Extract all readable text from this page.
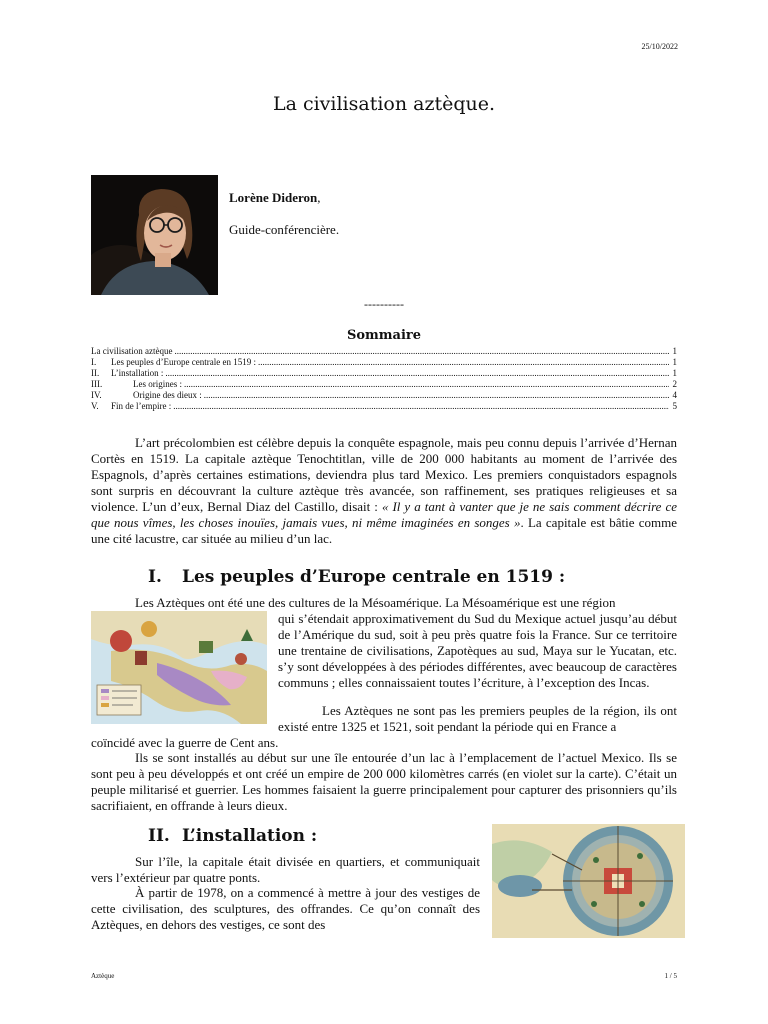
25/10/2022
La civilisation aztèque.
Lorène Dideron,
Guide-conférencière.
----------
Sommaire
La civilisation aztèque .....	1
I.	Les peuples d’Europe centrale en 1519 : .....	1
II.	L’installation : .....	1
III.	Les origines : .....	2
IV.	Origine des dieux : .....	4
V.	Fin de l’empire : .....	5

L’art précolombien est célèbre depuis la conquête espagnole, mais peu connu depuis l’arrivée d’Hernan Cortès en 1519. La capitale aztèque Tenochtitlan, ville de 200 000 habitants au moment de l’arrivée des Espagnols, d’après certaines estimations, deviendra plus tard Mexico. Les premiers conquistadors espagnols sont surpris en découvrant la culture aztèque très avancée, son raffinement, ses pratiques religieuses et sa violence. L’un d’eux, Bernal Diaz del Castillo, disait : « Il y a tant à vanter que je ne sais comment décrire ce que nous vîmes, les choses inouïes, jamais vues, ni même imaginées en songes ». La capitale est bâtie comme une cité lacustre, car située au milieu d’un lac.

I. Les peuples d’Europe centrale en 1519 :

Les Aztèques ont été une des cultures de la Mésoamérique. La Mésoamérique est une région

qui s’étendait approximativement du Sud du Mexique actuel jusqu’au début de l’Amérique du sud, soit à peu près quatre fois la France. Sur ce territoire une trentaine de civilisations, Zapotèques au sud, Maya sur le Yucatan, etc. s’y sont développées à des périodes différentes, avec beaucoup de caractères communs ; elles connaissaient toutes l’écriture, à l’exception des Incas.

Les Aztèques ne sont pas les premiers peuples de la région, ils ont existé entre 1325 et 1521, soit pendant la période qui en France a

coïncidé avec la guerre de Cent ans.

Ils se sont installés au début sur une île entourée d’un lac à l’emplacement de l’actuel Mexico. Ils se sont peu à peu développés et ont créé un empire de 200 000 kilomètres carrés (en violet sur la carte). C’était un peuple militarisé et guerrier. Les hommes faisaient la guerre principalement pour capturer des prisonniers qu’ils sacrifiaient, en offrande à leurs dieux.

II. L’installation :

Sur l’île, la capitale était divisée en quartiers, et communiquait vers l’extérieur par quatre ponts.

À partir de 1978, on a commencé à mettre à jour des vestiges de cette civilisation, des sculptures, des offrandes. Ce qu’on connaît des Aztèques, en dehors des vestiges, ce sont des

Aztèque	1 / 5
